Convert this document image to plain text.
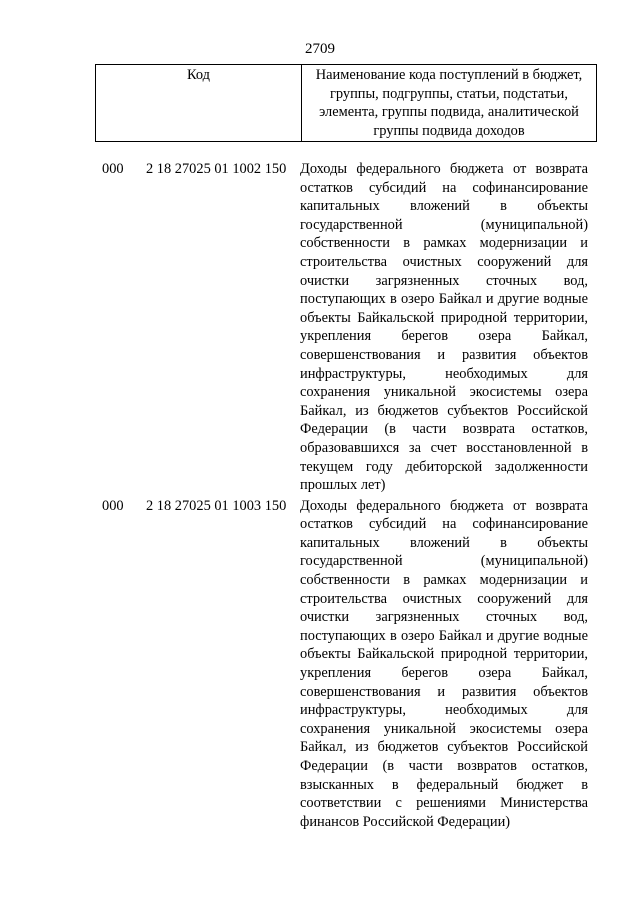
2709
Код	Наименование кода поступлений в бюджет, группы, подгруппы, статьи, подстатьи, элемента, группы подвида, аналитической группы подвида доходов
000 2 18 27025 01 1002 150 Доходы федерального бюджета от возврата остатков субсидий на софинансирование капитальных вложений в объекты государственной (муниципальной) собственности в рамках модернизации и строительства очистных сооружений для очистки загрязненных сточных вод, поступающих в озеро Байкал и другие водные объекты Байкальской природной территории, укрепления берегов озера Байкал, совершенствования и развития объектов инфраструктуры, необходимых для сохранения уникальной экосистемы озера Байкал, из бюджетов субъектов Российской Федерации (в части возврата остатков, образовавшихся за счет восстановленной в текущем году дебиторской задолженности прошлых лет)
000 2 18 27025 01 1003 150 Доходы федерального бюджета от возврата остатков субсидий на софинансирование капитальных вложений в объекты государственной (муниципальной) собственности в рамках модернизации и строительства очистных сооружений для очистки загрязненных сточных вод, поступающих в озеро Байкал и другие водные объекты Байкальской природной территории, укрепления берегов озера Байкал, совершенствования и развития объектов инфраструктуры, необходимых для сохранения уникальной экосистемы озера Байкал, из бюджетов субъектов Российской Федерации (в части возвратов остатков, взысканных в федеральный бюджет в соответствии с решениями Министерства финансов Российской Федерации)
